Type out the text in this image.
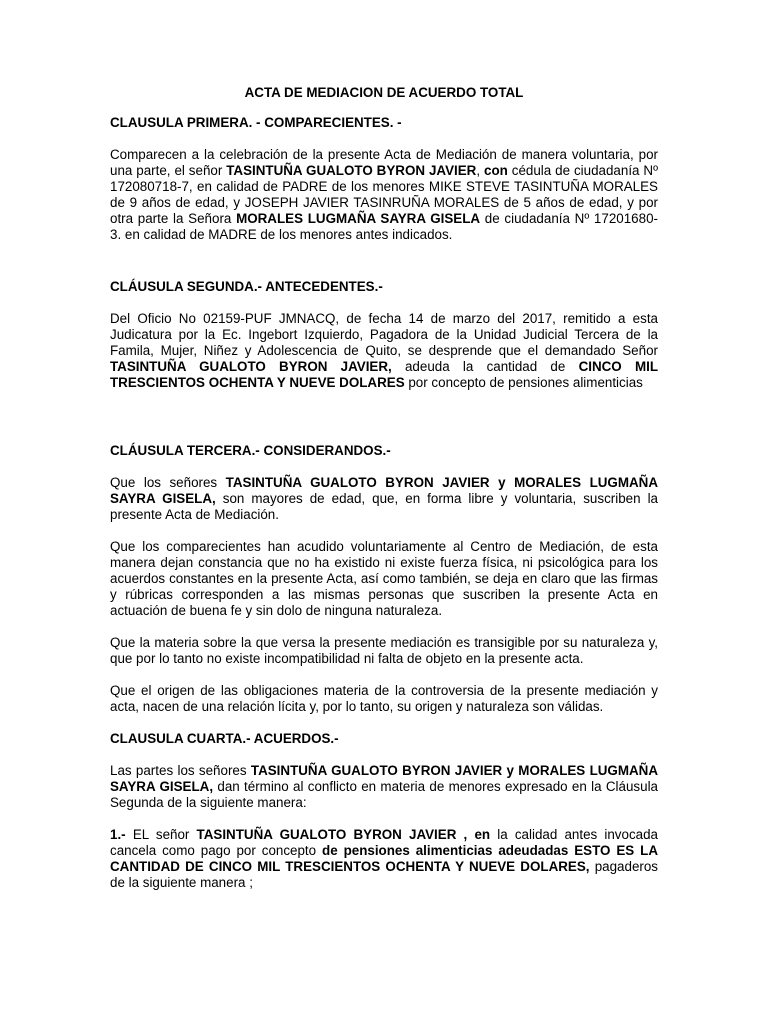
ACTA DE MEDIACION DE ACUERDO TOTAL

CLAUSULA PRIMERA. - COMPARECIENTES. -

Comparecen a la celebración de la presente Acta de Mediación de manera voluntaria, por una parte, el señor TASINTUÑA GUALOTO BYRON JAVIER, con cédula de ciudadanía Nº 172080718-7, en calidad de PADRE de los menores MIKE STEVE TASINTUÑA MORALES de 9 años de edad, y JOSEPH JAVIER TASINRUÑA MORALES de 5 años de edad, y por otra parte la Señora MORALES LUGMAÑA SAYRA GISELA de ciudadanía Nº 17201680-3. en calidad de MADRE de los menores antes indicados.

CLÁUSULA SEGUNDA.- ANTECEDENTES.-

Del Oficio No 02159-PUF JMNACQ, de fecha 14 de marzo del 2017, remitido a esta Judicatura por la Ec. Ingebort Izquierdo, Pagadora de la Unidad Judicial Tercera de la Famila, Mujer, Niñez y Adolescencia de Quito, se desprende que el demandado Señor TASINTUÑA GUALOTO BYRON JAVIER, adeuda la cantidad de CINCO MIL TRESCIENTOS OCHENTA Y NUEVE DOLARES por concepto de pensiones alimenticias

CLÁUSULA TERCERA.- CONSIDERANDOS.-

Que los señores TASINTUÑA GUALOTO BYRON JAVIER y MORALES LUGMAÑA SAYRA GISELA, son mayores de edad, que, en forma libre y voluntaria, suscriben la presente Acta de Mediación.

Que los comparecientes han acudido voluntariamente al Centro de Mediación, de esta manera dejan constancia que no ha existido ni existe fuerza física, ni psicológica para los acuerdos constantes en la presente Acta, así como también, se deja en claro que las firmas y rúbricas corresponden a las mismas personas que suscriben la presente Acta en actuación de buena fe y sin dolo de ninguna naturaleza.

Que la materia sobre la que versa la presente mediación es transigible por su naturaleza y, que por lo tanto no existe incompatibilidad ni falta de objeto en la presente acta.

Que el origen de las obligaciones materia de la controversia de la presente mediación y acta, nacen de una relación lícita y, por lo tanto, su origen y naturaleza son válidas.

CLAUSULA CUARTA.- ACUERDOS.-

Las partes los señores TASINTUÑA GUALOTO BYRON JAVIER y MORALES LUGMAÑA SAYRA GISELA, dan término al conflicto en materia de menores expresado en la Cláusula Segunda de la siguiente manera:

1.- EL señor TASINTUÑA GUALOTO BYRON JAVIER , en la calidad antes invocada cancela como pago por concepto de pensiones alimenticias adeudadas ESTO ES LA CANTIDAD DE CINCO MIL TRESCIENTOS OCHENTA Y NUEVE DOLARES, pagaderos de la siguiente manera ;
